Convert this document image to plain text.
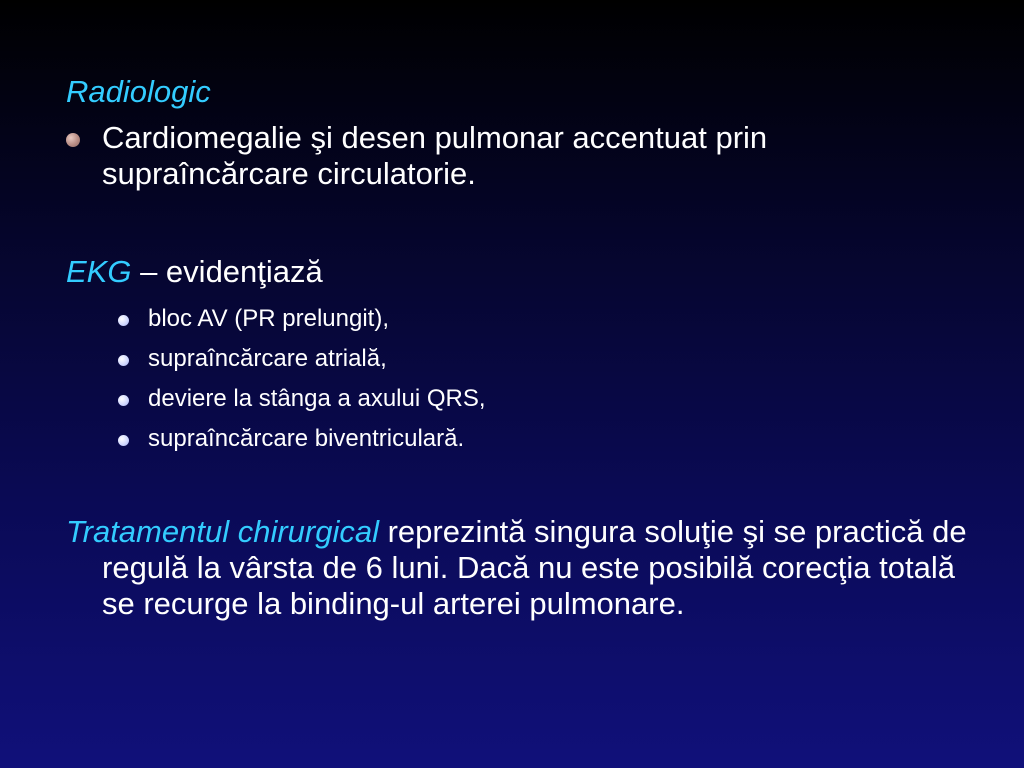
Radiologic
Cardiomegalie şi desen pulmonar accentuat prin supraîncărcare circulatorie.
EKG – evidenţiază
bloc AV (PR prelungit),
supraîncărcare atrială,
deviere la stânga a axului QRS,
supraîncărcare biventriculară.
Tratamentul chirurgical reprezintă singura soluţie şi se practică de regulă la vârsta de 6 luni. Dacă nu este posibilă corecţia totală se recurge la binding-ul arterei pulmonare.
